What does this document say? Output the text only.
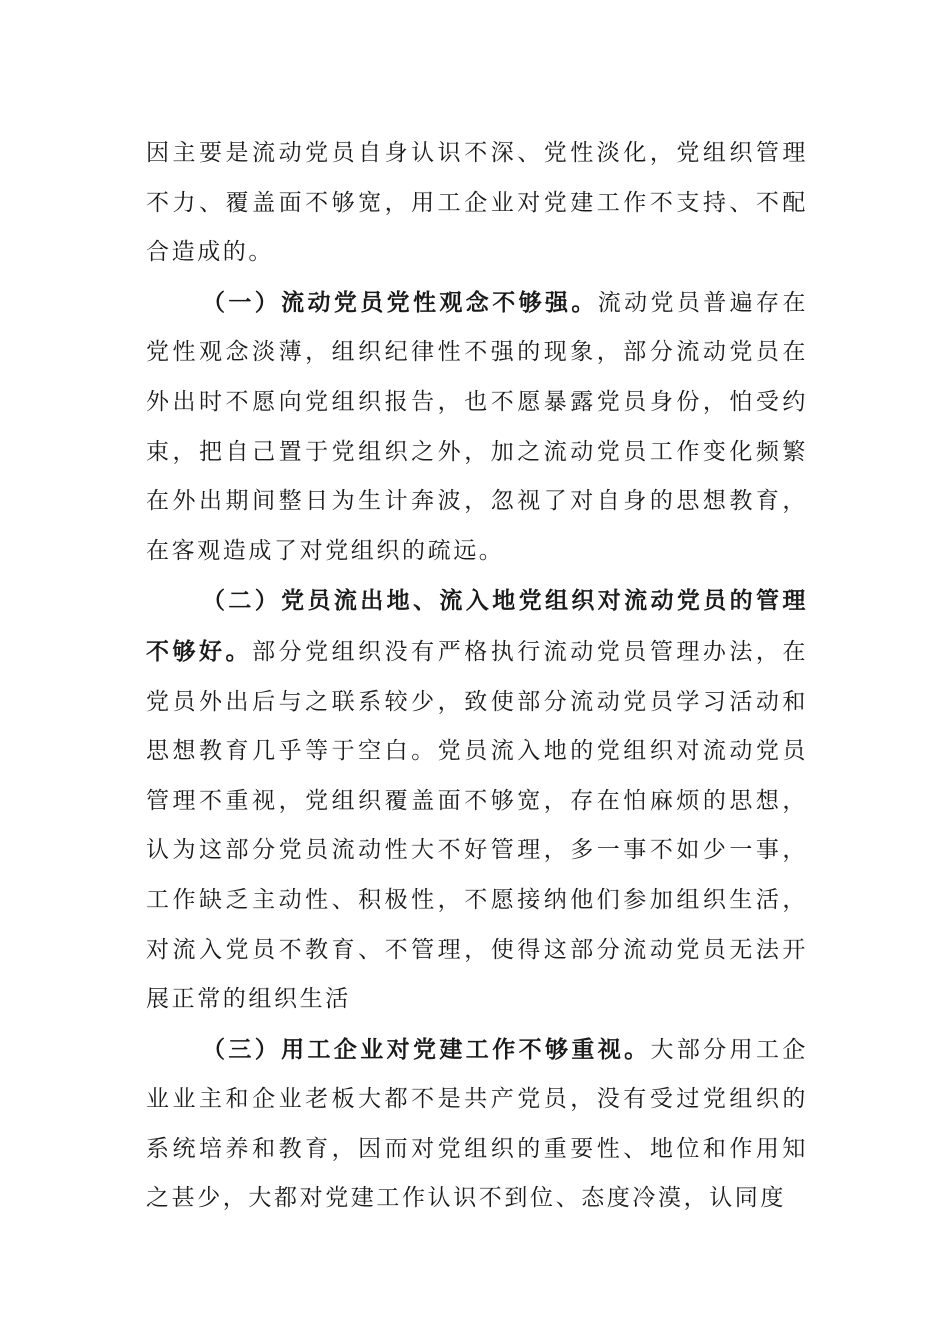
因主要是流动党员自身认识不深、党性淡化，党组织管理不力、覆盖面不够宽，用工企业对党建工作不支持、不配合造成的。

（一）流动党员党性观念不够强。流动党员普遍存在党性观念淡薄，组织纪律性不强的现象，部分流动党员在外出时不愿向党组织报告，也不愿暴露党员身份，怕受约束，把自己置于党组织之外，加之流动党员工作变化频繁在外出期间整日为生计奔波，忽视了对自身的思想教育，在客观造成了对党组织的疏远。

（二）党员流出地、流入地党组织对流动党员的管理不够好。部分党组织没有严格执行流动党员管理办法，在党员外出后与之联系较少，致使部分流动党员学习活动和思想教育几乎等于空白。党员流入地的党组织对流动党员管理不重视，党组织覆盖面不够宽，存在怕麻烦的思想，认为这部分党员流动性大不好管理，多一事不如少一事，工作缺乏主动性、积极性，不愿接纳他们参加组织生活，对流入党员不教育、不管理，使得这部分流动党员无法开展正常的组织生活

（三）用工企业对党建工作不够重视。大部分用工企业业主和企业老板大都不是共产党员，没有受过党组织的系统培养和教育，因而对党组织的重要性、地位和作用知之甚少，大都对党建工作认识不到位、态度冷漠，认同度
